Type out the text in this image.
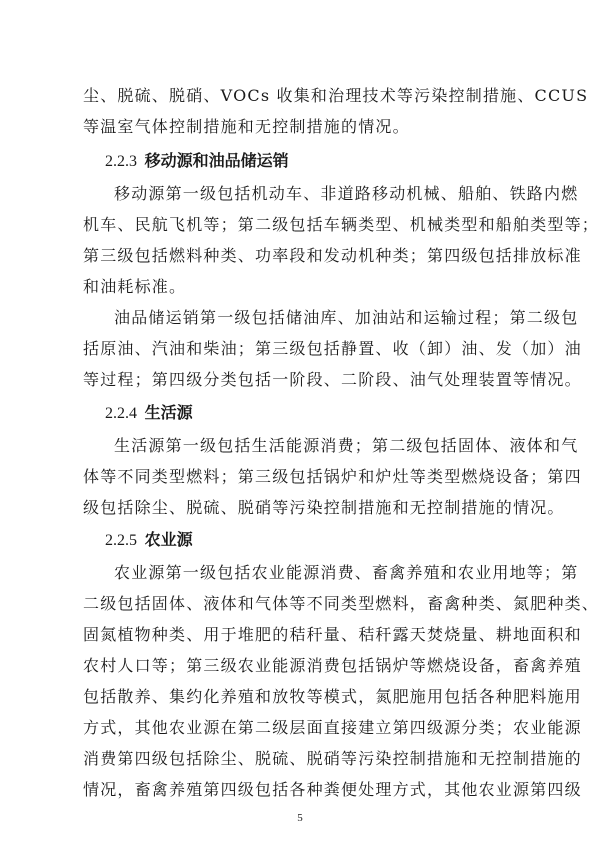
尘、脱硫、脱硝、VOCs 收集和治理技术等污染控制措施、CCUS
等温室气体控制措施和无控制措施的情况。
2.2.3 移动源和油品储运销
移动源第一级包括机动车、非道路移动机械、船舶、铁路内燃
机车、民航飞机等；第二级包括车辆类型、机械类型和船舶类型等；
第三级包括燃料种类、功率段和发动机种类；第四级包括排放标准
和油耗标准。
油品储运销第一级包括储油库、加油站和运输过程；第二级包
括原油、汽油和柴油；第三级包括静置、收（卸）油、发（加）油
等过程；第四级分类包括一阶段、二阶段、油气处理装置等情况。
2.2.4 生活源
生活源第一级包括生活能源消费；第二级包括固体、液体和气
体等不同类型燃料；第三级包括锅炉和炉灶等类型燃烧设备；第四
级包括除尘、脱硫、脱硝等污染控制措施和无控制措施的情况。
2.2.5 农业源
农业源第一级包括农业能源消费、畜禽养殖和农业用地等；第
二级包括固体、液体和气体等不同类型燃料，畜禽种类、氮肥种类、
固氮植物种类、用于堆肥的秸秆量、秸秆露天焚烧量、耕地面积和
农村人口等；第三级农业能源消费包括锅炉等燃烧设备，畜禽养殖
包括散养、集约化养殖和放牧等模式，氮肥施用包括各种肥料施用
方式，其他农业源在第二级层面直接建立第四级源分类；农业能源
消费第四级包括除尘、脱硫、脱硝等污染控制措施和无控制措施的
情况，畜禽养殖第四级包括各种粪便处理方式，其他农业源第四级
5
